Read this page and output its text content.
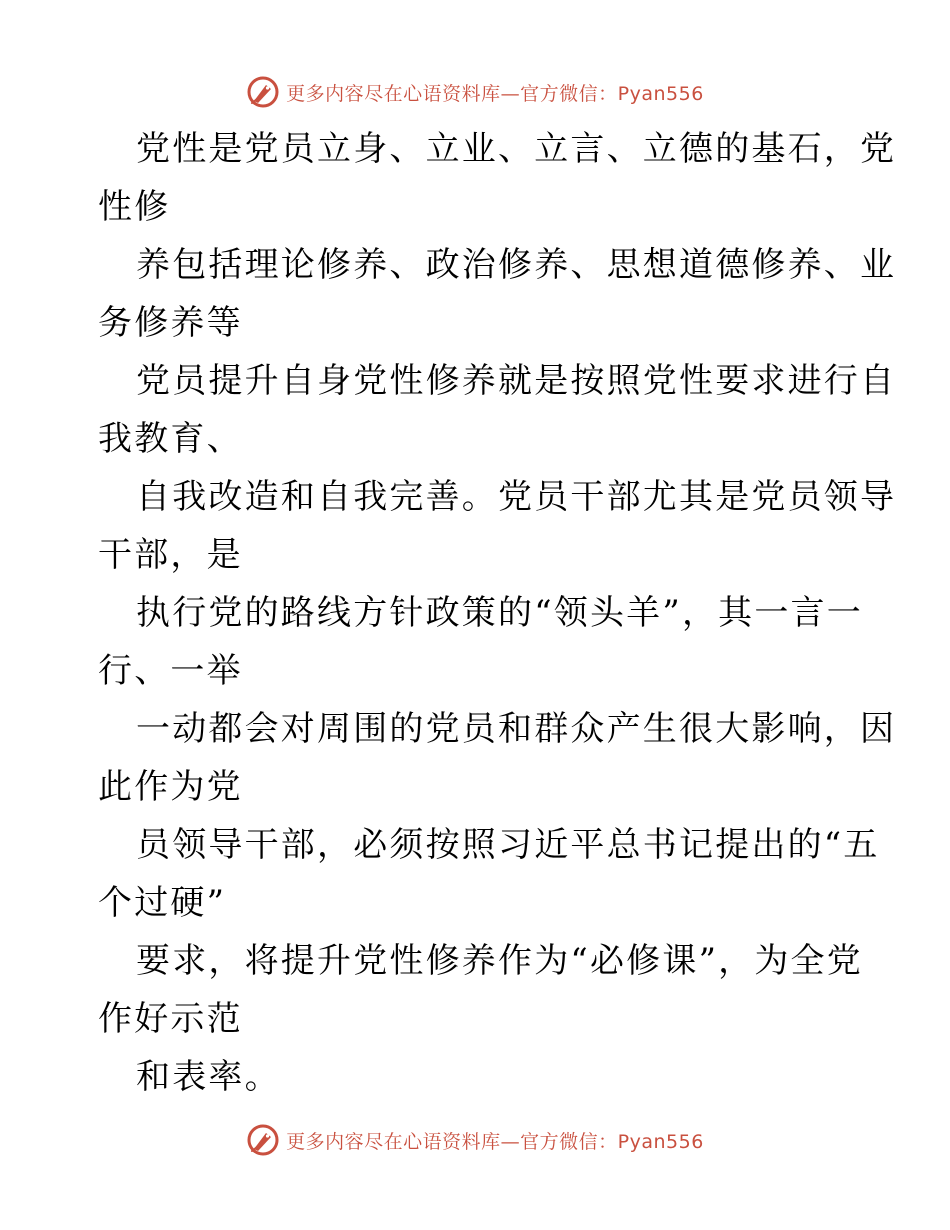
更多内容尽在心语资料库—官方微信：Pyan556
党性是党员立身、立业、立言、立德的基石，党
性修
养包括理论修养、政治修养、思想道德修养、业
务修养等
党员提升自身党性修养就是按照党性要求进行自
我教育、
自我改造和自我完善。党员干部尤其是党员领导
干部，是
执行党的路线方针政策的“领头羊”，其一言一
行、一举
一动都会对周围的党员和群众产生很大影响，因
此作为党
员领导干部，必须按照习近平总书记提出的“五
个过硬”
要求，将提升党性修养作为“必修课”，为全党
作好示范
和表率。
更多内容尽在心语资料库—官方微信：Pyan556
